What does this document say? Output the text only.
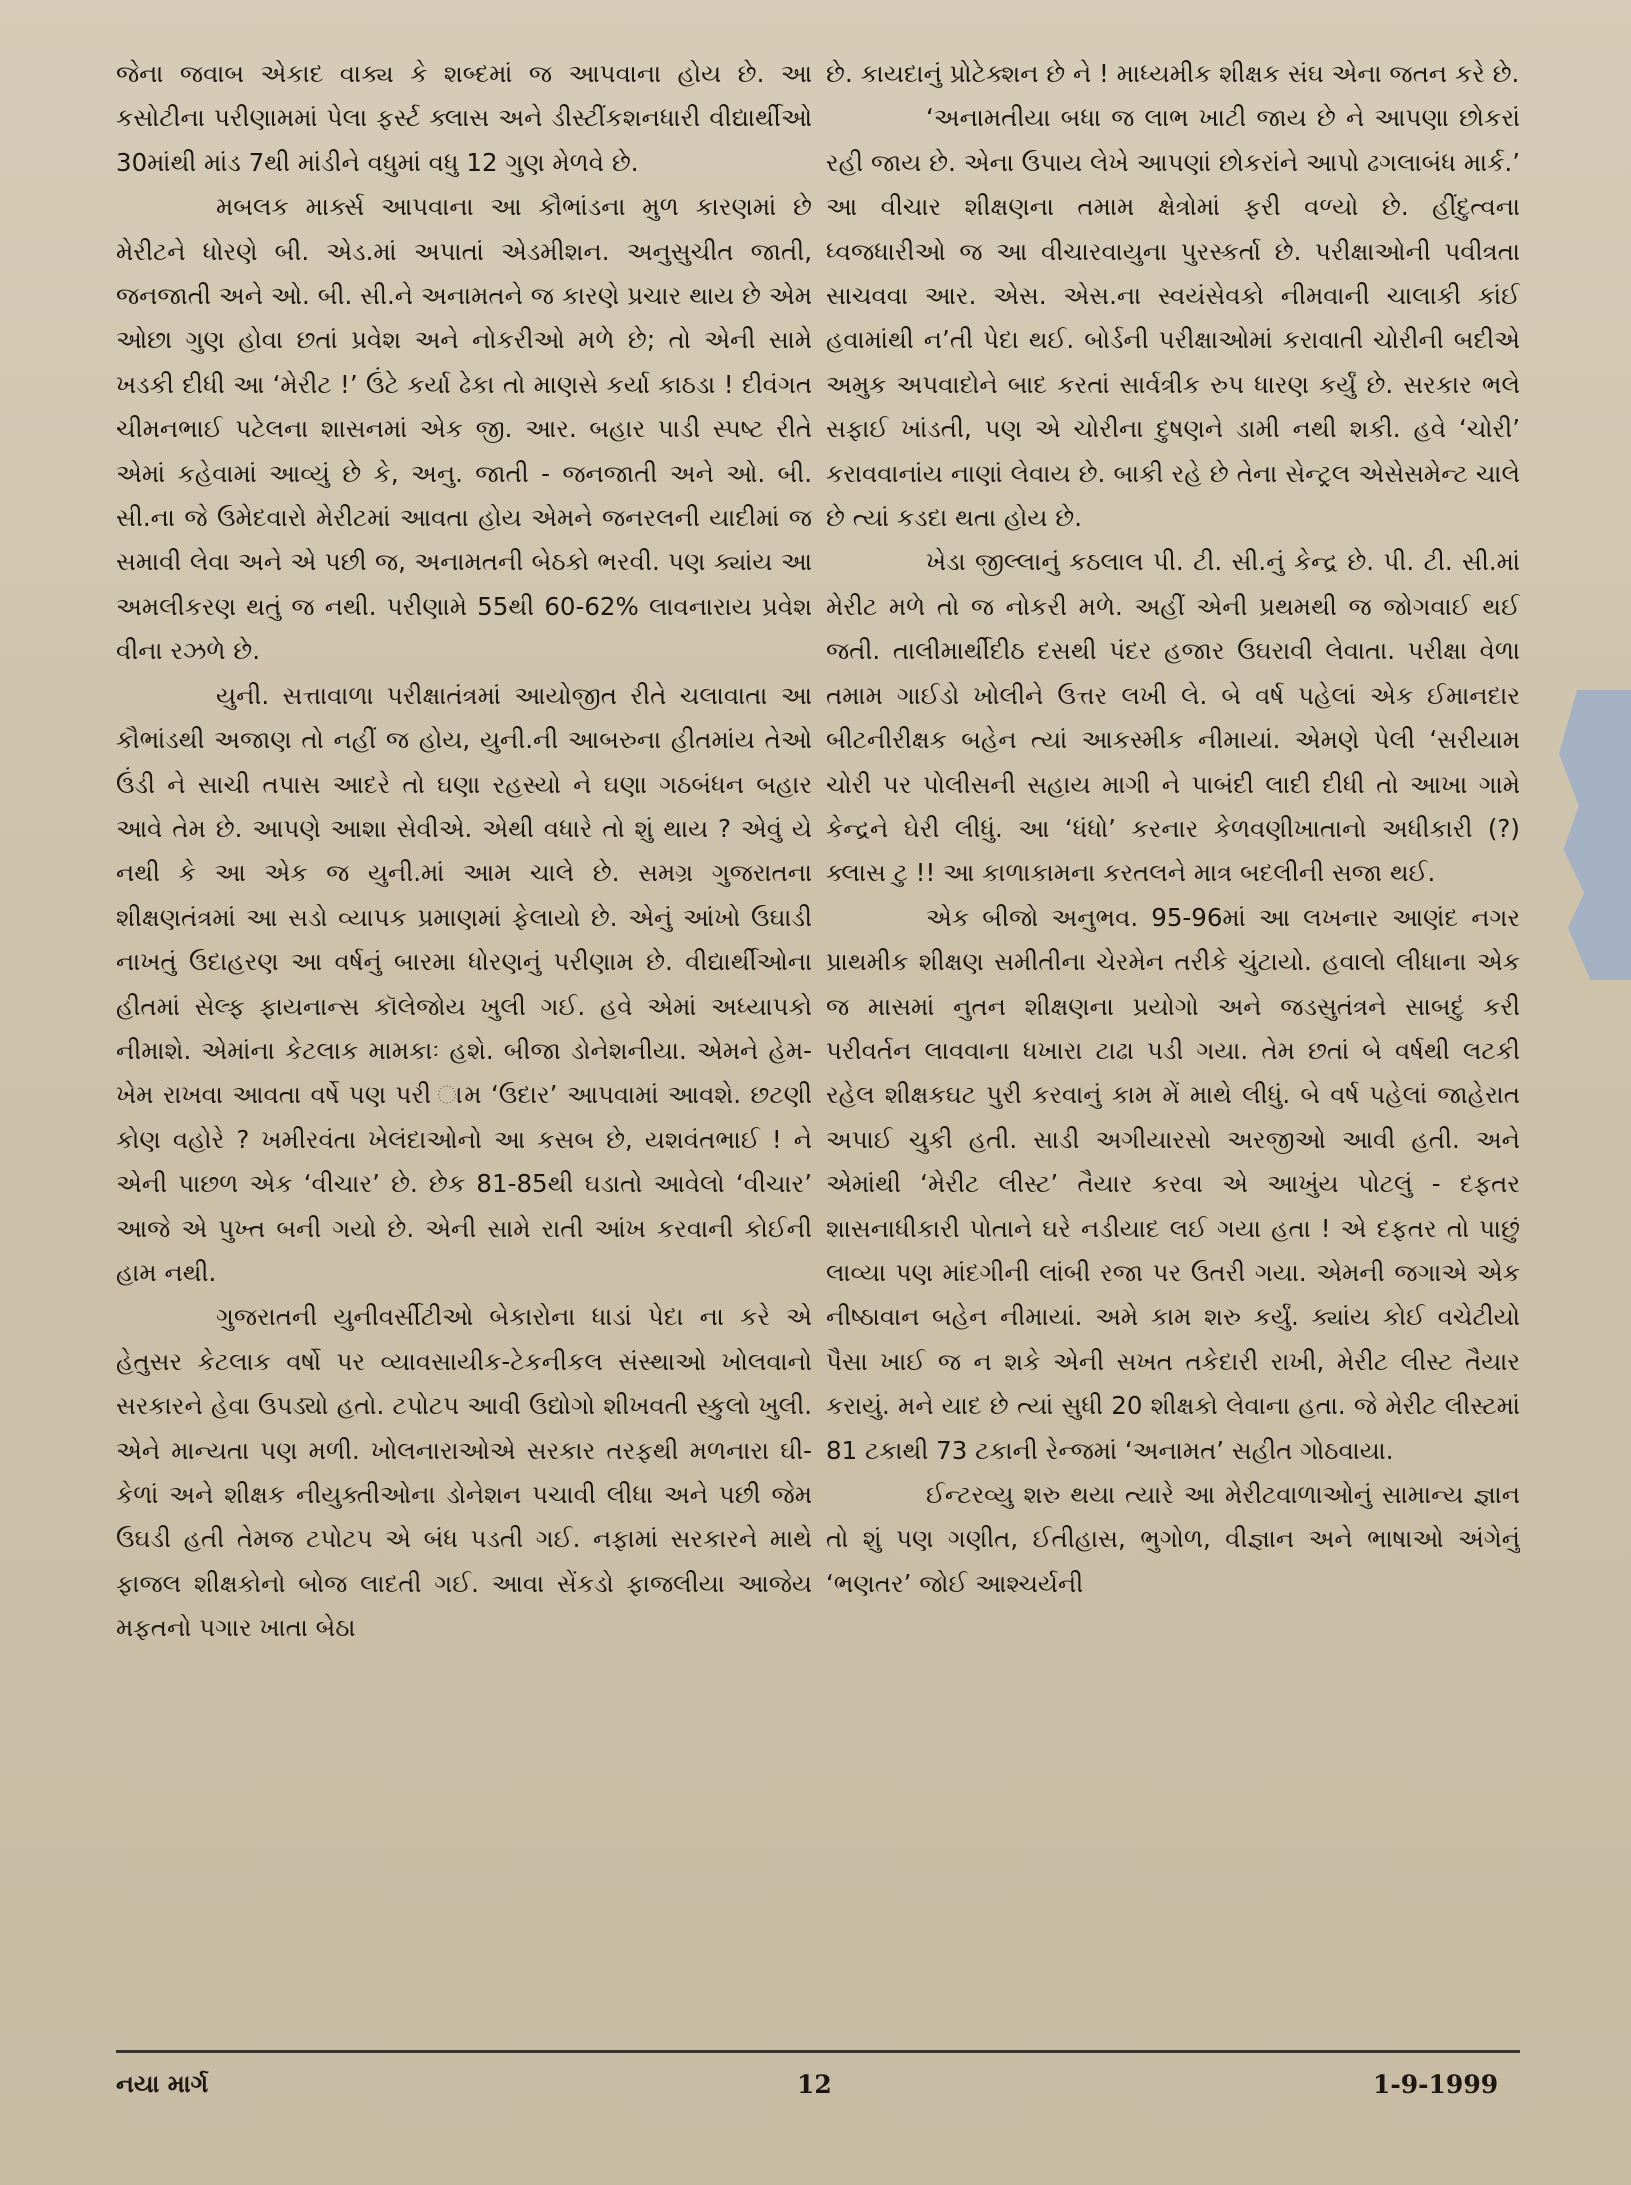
જેના જવાબ એકાદ વાક્ય કે શબ્દમાં જ આપવાના હોય છે. આ કસોટીના પરીણામમાં પેલા ફર્સ્ટ ક્લાસ અને ડીસ્ટીંકશનધારી વીદ્યાર્થીઓ 30માંથી માંડ 7થી માંડીને વધુમાં વધુ 12 ગુણ મેળવે છે.

મબલક માર્ક્સ આપવાના આ કૌભાંડના મુળ કારણમાં છે મેરીટને ધોરણે બી. એડ.માં અપાતાં એડમીશન. અનુસુચીત જાતી, જનજાતી અને ઓ. બી. સી.ને અનામતને જ કારણે પ્રચાર થાય છે એમ ઓછા ગુણ હોવા છતાં પ્રવેશ અને નોકરીઓ મળે છે; તો એની સામે ખડકી દીધી આ ‘મેરીટ !’ ઉંટે કર્યા ઢેકા તો માણસે કર્યા કાઠડા ! દીવંગત ચીમનભાઈ પટેલના શાસનમાં એક જી. આર. બહાર પાડી સ્પષ્ટ રીતે એમાં કહેવામાં આવ્યું છે કે, અનુ. જાતી - જનજાતી અને ઓ. બી. સી.ના જે ઉમેદવારો મેરીટમાં આવતા હોય એમને જનરલની યાદીમાં જ સમાવી લેવા અને એ પછી જ, અનામતની બેઠકો ભરવી. પણ ક્યાંય આ અમલીકરણ થતું જ નથી. પરીણામે 55થી 60-62% લાવનારાય પ્રવેશ વીના રઝળે છે.

યુની. સત્તાવાળા પરીક્ષાતંત્રમાં આયોજીત રીતે ચલાવાતા આ કૌભાંડથી અજાણ તો નહીં જ હોય, યુની.ની આબરુના હીતમાંય તેઓ ઉંડી ને સાચી તપાસ આદરે તો ઘણા રહસ્યો ને ઘણા ગઠબંધન બહાર આવે તેમ છે. આપણે આશા સેવીએ. એથી વધારે તો શું થાય ? એવું યે નથી કે આ એક જ યુની.માં આમ ચાલે છે. સમગ્ર ગુજરાતના શીક્ષણતંત્રમાં આ સડો વ્યાપક પ્રમાણમાં ફેલાયો છે. એનું આંખો ઉઘાડી નાખતું ઉદાહરણ આ વર્ષનું બારમા ધોરણનું પરીણામ છે. વીદ્યાર્થીઓના હીતમાં સેલ્ફ ફાયનાન્સ કૉલેજોય ખુલી ગઈ. હવે એમાં અધ્યાપકો નીમાશે. એમાંના કેટલાક મામકાઃ હશે. બીજા ડોનેશનીયા. એમને હેમ-ખેમ રાખવા આવતા વર્ષે પણ પરી ામ ‘ઉદાર’ આપવામાં આવશે. છટણી કોણ વહોરે ? ખમીરવંતા ખેલંદાઓનો આ કસબ છે, યશવંતભાઈ ! ને એની પાછળ એક ‘વીચાર’ છે. છેક 81-85થી ઘડાતો આવેલો ‘વીચાર’ આજે એ પુખ્ત બની ગયો છે. એની સામે રાતી આંખ કરવાની કોઈની હામ નથી.

ગુજરાતની યુનીવર્સીટીઓ બેકારોના ધાડાં પેદા ના કરે એ હેતુસર કેટલાક વર્ષો પર વ્યાવસાયીક-ટેકનીકલ સંસ્થાઓ ખોલવાનો સરકારને હેવા ઉપડ્યો હતો. ટપોટપ આવી ઉદ્યોગો શીખવતી સ્કુલો ખુલી. એને માન્યતા પણ મળી. ખોલનારાઓએ સરકાર તરફથી મળનારા ઘી-કેળાં અને શીક્ષક નીયુક્તીઓના ડોનેશન પચાવી લીધા અને પછી જેમ ઉઘડી હતી તેમજ ટપોટપ એ બંધ પડતી ગઈ. નફામાં સરકારને માથે ફાજલ શીક્ષકોનો બોજ લાદતી ગઈ. આવા સેંકડો ફાજલીયા આજેય મફતનો પગાર ખાતા બેઠા

છે. કાયદાનું પ્રોટેક્શન છે ને ! માધ્યમીક શીક્ષક સંઘ એના જતન કરે છે.

‘અનામતીયા બધા જ લાભ ખાટી જાય છે ને આપણા છોકરાં રહી જાય છે. એના ઉપાય લેખે આપણાં છોકરાંને આપો ઢગલાબંધ માર્ક.’ આ વીચાર શીક્ષણના તમામ ક્ષેત્રોમાં ફરી વળ્યો છે. હીંદુત્વના ધ્વજધારીઓ જ આ વીચારવાયુના પુરસ્કર્તા છે. પરીક્ષાઓની પવીત્રતા સાચવવા આર. એસ. એસ.ના સ્વયંસેવકો નીમવાની ચાલાકી કાંઈ હવામાંથી ન’તી પેદા થઈ. બોર્ડની પરીક્ષાઓમાં કરાવાતી ચોરીની બદીએ અમુક અપવાદોને બાદ કરતાં સાર્વત્રીક રુપ ધારણ કર્યું છે. સરકાર ભલે સફાઈ ખાંડતી, પણ એ ચોરીના દુષણને ડામી નથી શકી. હવે ‘ચોરી’ કરાવવાનાંય નાણાં લેવાય છે. બાકી રહે છે તેના સેન્ટ્રલ એસેસમેન્ટ ચાલે છે ત્યાં કડદા થતા હોય છે.

ખેડા જીલ્લાનું કઠલાલ પી. ટી. સી.નું કેન્દ્ર છે. પી. ટી. સી.માં મેરીટ મળે તો જ નોકરી મળે. અહીં એની પ્રથમથી જ જોગવાઈ થઈ જતી. તાલીમાર્થીદીઠ દસથી પંદર હજાર ઉઘરાવી લેવાતા. પરીક્ષા વેળા તમામ ગાઈડો ખોલીને ઉત્તર લખી લે. બે વર્ષ પહેલાં એક ઈમાનદાર બીટનીરીક્ષક બહેન ત્યાં આકસ્મીક નીમાયાં. એમણે પેલી ‘સરીયામ ચોરી પર પોલીસની સહાય માગી ને પાબંદી લાદી દીધી તો આખા ગામે કેન્દ્રને ઘેરી લીધું. આ ‘ધંધો’ કરનાર કેળવણીખાતાનો અધીકારી (?) ક્લાસ ટુ !! આ કાળાકામના કરતલને માત્ર બદલીની સજા થઈ.

એક બીજો અનુભવ. 95-96માં આ લખનાર આણંદ નગર પ્રાથમીક શીક્ષણ સમીતીના ચેરમેન તરીકે ચુંટાયો. હવાલો લીધાના એક જ માસમાં નુતન શીક્ષણના પ્રયોગો અને જડસુતંત્રને સાબદું કરી પરીવર્તન લાવવાના ધખારા ટાઢા પડી ગયા. તેમ છતાં બે વર્ષથી લટકી રહેલ શીક્ષકઘટ પુરી કરવાનું કામ મેં માથે લીધું. બે વર્ષ પહેલાં જાહેરાત અપાઈ ચુકી હતી. સાડી અગીયારસો અરજીઓ આવી હતી. અને એમાંથી ‘મેરીટ લીસ્ટ’ તૈયાર કરવા એ આખુંય પોટલું - દફતર શાસનાધીકારી પોતાને ઘરે નડીયાદ લઈ ગયા હતા ! એ દફતર તો પાછું લાવ્યા પણ માંદગીની લાંબી રજા પર ઉતરી ગયા. એમની જગાએ એક નીષ્ઠાવાન બહેન નીમાયાં. અમે કામ શરુ કર્યું. ક્યાંય કોઈ વચેટીયો પૈસા ખાઈ જ ન શકે એની સખત તકેદારી રાખી, મેરીટ લીસ્ટ તૈયાર કરાયું. મને યાદ છે ત્યાં સુધી 20 શીક્ષકો લેવાના હતા. જે મેરીટ લીસ્ટમાં 81 ટકાથી 73 ટકાની રેન્જમાં ‘અનામત’ સહીત ગોઠવાયા.

ઈન્ટરવ્યુ શરુ થયા ત્યારે આ મેરીટવાળાઓનું સામાન્ય જ્ઞાન તો શું પણ ગણીત, ઈતીહાસ, ભુગોળ, વીજ્ઞાન અને ભાષાઓ અંગેનું ‘ભણતર’ જોઈ આશ્ચર્યની

નયા માર્ગ	12	1-9-1999
